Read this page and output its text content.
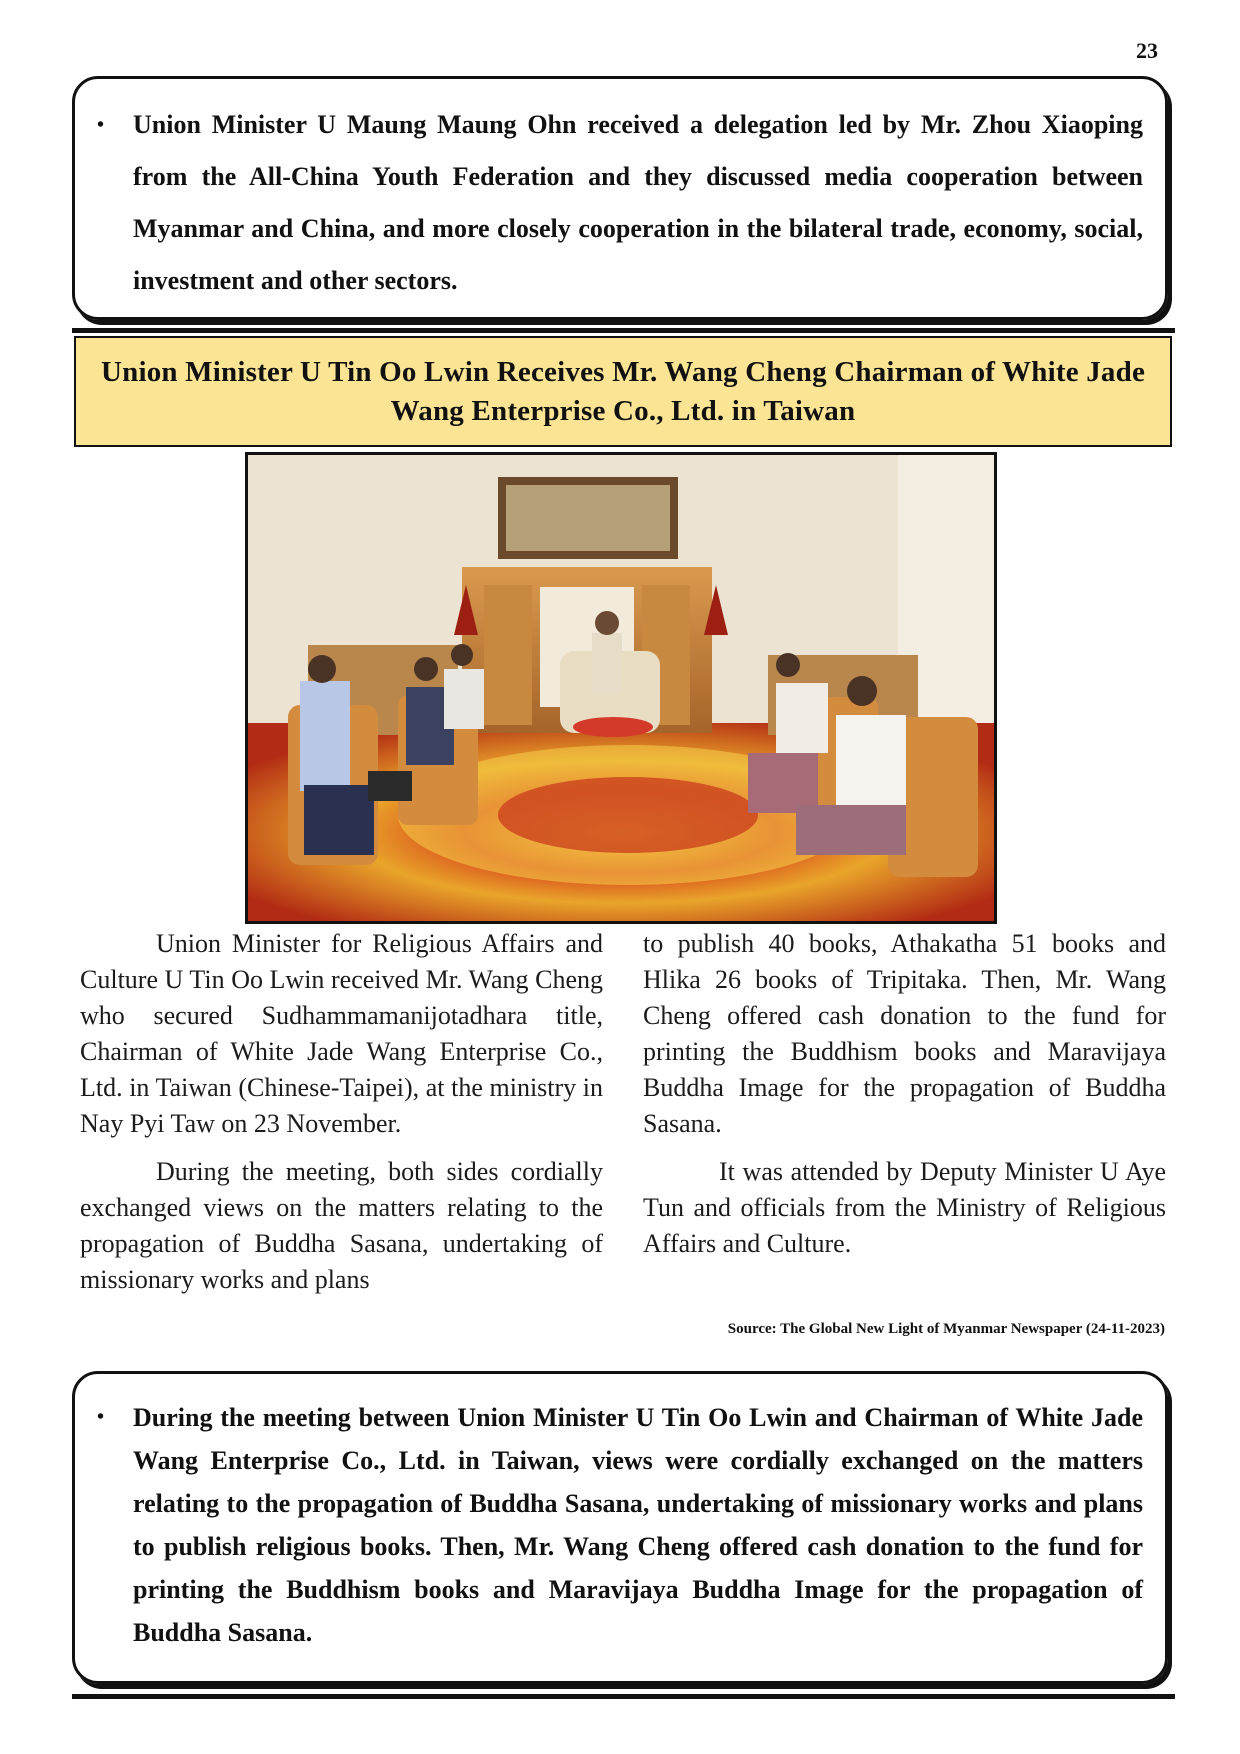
23
• Union Minister U Maung Maung Ohn received a delegation led by Mr. Zhou Xiaoping from the All-China Youth Federation and they discussed media cooperation between Myanmar and China, and more closely cooperation in the bilateral trade, economy, social, investment and other sectors.
Union Minister U Tin Oo Lwin Receives Mr. Wang Cheng Chairman of White Jade Wang Enterprise Co., Ltd. in Taiwan

Union Minister for Religious Affairs and Culture U Tin Oo Lwin received Mr. Wang Cheng who secured Sudhammamanijotadhara title, Chairman of White Jade Wang Enterprise Co., Ltd. in Taiwan (Chinese-Taipei), at the ministry in Nay Pyi Taw on 23 November.

During the meeting, both sides cordially exchanged views on the matters relating to the propagation of Buddha Sasana, undertaking of missionary works and plans

to publish 40 books, Athakatha 51 books and Hlika 26 books of Tripitaka. Then, Mr. Wang Cheng offered cash donation to the fund for printing the Buddhism books and Maravijaya Buddha Image for the propagation of Buddha Sasana.

It was attended by Deputy Minister U Aye Tun and officials from the Ministry of Religious Affairs and Culture.

Source: The Global New Light of Myanmar Newspaper (24-11-2023)
• During the meeting between Union Minister U Tin Oo Lwin and Chairman of White Jade Wang Enterprise Co., Ltd. in Taiwan, views were cordially exchanged on the matters relating to the propagation of Buddha Sasana, undertaking of missionary works and plans to publish religious books. Then, Mr. Wang Cheng offered cash donation to the fund for printing the Buddhism books and Maravijaya Buddha Image for the propagation of Buddha Sasana.
